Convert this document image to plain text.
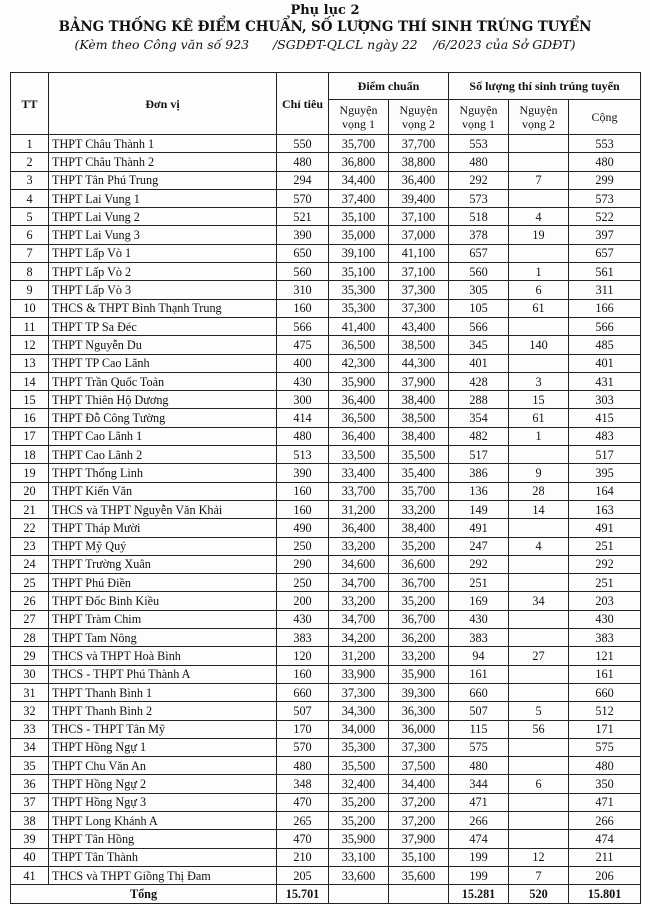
Phụ lục 2
BẢNG THỐNG KÊ ĐIỂM CHUẨN, SỐ LƯỢNG THÍ SINH TRÚNG TUYỂN
(Kèm theo Công văn số 923      /SGDĐT-QLCL ngày 22    /6/2023 của Sở GDĐT)
TT	Đơn vị	Chỉ tiêu	Điểm chuẩn		Số lượng thí sinh trúng tuyển		
			Nguyện vọng 1	Nguyện vọng 2	Nguyện vọng 1	Nguyện vọng 2	Cộng
1	THPT Châu Thành 1	550	35,700	37,700	553		553
2	THPT Châu Thành 2	480	36,800	38,800	480		480
3	THPT Tân Phú Trung	294	34,400	36,400	292	7	299
4	THPT Lai Vung 1	570	37,400	39,400	573		573
5	THPT Lai Vung 2	521	35,100	37,100	518	4	522
6	THPT Lai Vung 3	390	35,000	37,000	378	19	397
7	THPT Lấp Vò 1	650	39,100	41,100	657		657
8	THPT Lấp Vò 2	560	35,100	37,100	560	1	561
9	THPT Lấp Vò 3	310	35,300	37,300	305	6	311
10	THCS & THPT Bình Thạnh Trung	160	35,300	37,300	105	61	166
11	THPT TP Sa Đéc	566	41,400	43,400	566		566
12	THPT Nguyễn Du	475	36,500	38,500	345	140	485
13	THPT TP Cao Lãnh	400	42,300	44,300	401		401
14	THPT Trần Quốc Toản	430	35,900	37,900	428	3	431
15	THPT Thiên Hộ Dương	300	36,400	38,400	288	15	303
16	THPT Đỗ Công Tường	414	36,500	38,500	354	61	415
17	THPT Cao Lãnh 1	480	36,400	38,400	482	1	483
18	THPT Cao Lãnh 2	513	33,500	35,500	517		517
19	THPT Thống Linh	390	33,400	35,400	386	9	395
20	THPT Kiến Văn	160	33,700	35,700	136	28	164
21	THCS và THPT Nguyễn Văn Khải	160	31,200	33,200	149	14	163
22	THPT Tháp Mười	490	36,400	38,400	491		491
23	THPT Mỹ Quý	250	33,200	35,200	247	4	251
24	THPT Trường Xuân	290	34,600	36,600	292		292
25	THPT Phú Điền	250	34,700	36,700	251		251
26	THPT Đốc Binh Kiều	200	33,200	35,200	169	34	203
27	THPT Tràm Chim	430	34,700	36,700	430		430
28	THPT Tam Nông	383	34,200	36,200	383		383
29	THCS và THPT Hoà Bình	120	31,200	33,200	94	27	121
30	THCS - THPT Phú Thành A	160	33,900	35,900	161		161
31	THPT Thanh Bình 1	660	37,300	39,300	660		660
32	THPT Thanh Bình 2	507	34,300	36,300	507	5	512
33	THCS - THPT Tân Mỹ	170	34,000	36,000	115	56	171
34	THPT Hồng Ngự 1	570	35,300	37,300	575		575
35	THPT Chu Văn An	480	35,500	37,500	480		480
36	THPT Hồng Ngự 2	348	32,400	34,400	344	6	350
37	THPT Hồng Ngự 3	470	35,200	37,200	471		471
38	THPT Long Khánh A	265	35,200	37,200	266		266
39	THPT Tân Hồng	470	35,900	37,900	474		474
40	THPT Tân Thành	210	33,100	35,100	199	12	211
41	THCS và THPT Giồng Thị Đam	205	33,600	35,600	199	7	206
Tổng		15.701			15.281	520	15.801
